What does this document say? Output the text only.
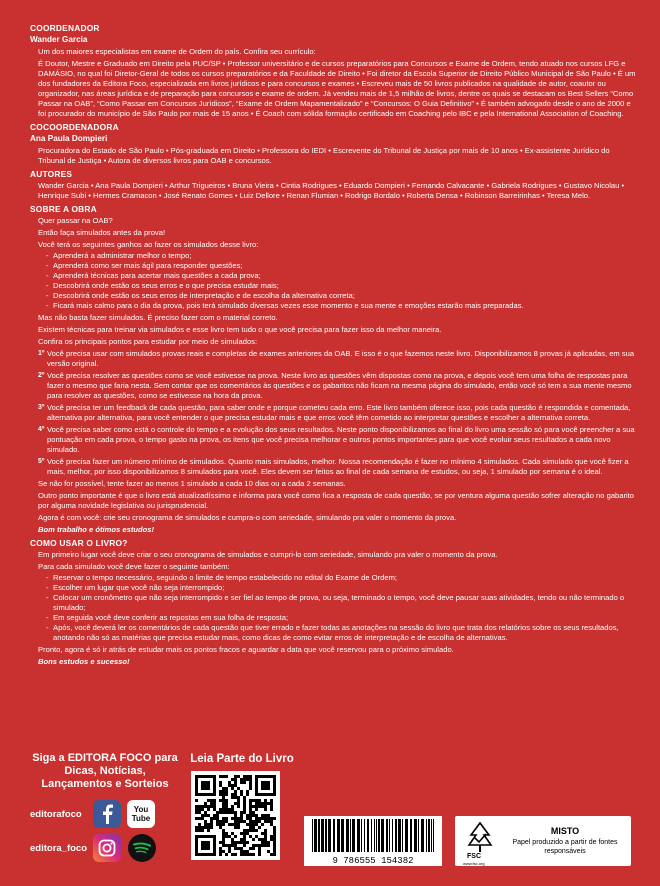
COORDENADOR
Wander Garcia
Um dos maiores especialistas em exame de Ordem do país. Confira seu currículo:
É Doutor, Mestre e Graduado em Direito pela PUC/SP • Professor universitário e de cursos preparatórios para Concursos e Exame de Ordem, tendo atuado nos cursos LFG e DAMÁSIO, no qual foi Diretor-Geral de todos os cursos preparatórios e da Faculdade de Direito • Foi diretor da Escola Superior de Direito Público Municipal de São Paulo • É um dos fundadores da Editora Foco, especializada em livros jurídicos e para concursos e exames • Escreveu mais de 50 livros publicados na qualidade de autor, coautor ou organizador, nas áreas jurídica e de preparação para concursos e exame de ordem. Já vendeu mais de 1,5 milhão de livros, dentre os quais se destacam os Best Sellers “Como Passar na OAB”, “Como Passar em Concursos Jurídicos”, “Exame de Ordem Mapamentalizado” e “Concursos: O Guia Definitivo” • É também advogado desde o ano de 2000 e foi procurador do município de São Paulo por mais de 15 anos • É Coach com sólida formação certificado em Coaching pelo IBC e pela International Association of Coaching.
COCOORDENADORA
Ana Paula Dompieri
Procuradora do Estado de São Paulo • Pós-graduada em Direito • Professora do IEDI • Escrevente do Tribunal de Justiça por mais de 10 anos • Ex-assistente Jurídico do Tribunal de Justiça • Autora de diversos livros para OAB e concursos.
AUTORES
Wander Garcia • Ana Paula Dompieri • Arthur Trigueiros • Bruna Vieira • Cintia Rodrigues • Eduardo Dompieri • Fernando Calvacante • Gabriela Rodrigues • Gustavo Nicolau • Henrique Subi • Hermes Cramacon • José Renato Gomes • Luiz Dellore • Renan Flumian • Rodrigo Bordalo • Roberta Densa • Robinson Barreirinhas • Teresa Melo.
SOBRE A OBRA
Quer passar na OAB?
Então faça simulados antes da prova!
Você terá os seguintes ganhos ao fazer os simulados desse livro:
- Aprenderá a administrar melhor o tempo;
- Aprenderá como ser mais ágil para responder questões;
- Aprenderá técnicas para acertar mais questões a cada prova;
- Descobrirá onde estão os seus erros e o que precisa estudar mais;
- Descobrirá onde estão os seus erros de interpretação e de escolha da alternativa correta;
- Ficará mais calmo para o dia da prova, pois terá simulado diversas vezes esse momento e sua mente e emoções estarão mais preparadas.
Mas não basta fazer simulados. É preciso fazer com o material correto.
Existem técnicas para treinar via simulados e esse livro tem tudo o que você precisa para fazer isso da melhor maneira.
Confira os principais pontos para estudar por meio de simulados:
1º Você precisa usar com simulados provas reais e completas de exames anteriores da OAB. E isso é o que fazemos neste livro. Disponibilizamos 8 provas já aplicadas, em sua versão original.
2º Você precisa resolver as questões como se você estivesse na prova. Neste livro as questões vêm dispostas como na prova, e depois você tem uma folha de respostas para fazer o mesmo que faria nesta. Sem contar que os comentários às questões e os gabaritos não ficam na mesma página do simulado, então você só tem a sua mente mesmo para resolver as questões, como se estivesse na hora da prova.
3º Você precisa ter um feedback de cada questão, para saber onde e porque cometeu cada erro. Este livro também oferece isso, pois cada questão é respondida e comentada, alternativa por alternativa, para você entender o que precisa estudar mais e que erros você têm cometido ao interpretar questões e escolher a alternativa correta.
4º Você precisa saber como está o controle do tempo e a evolução dos seus resultados. Neste ponto disponibilizamos ao final do livro uma sessão só para você preencher a sua pontuação em cada prova, o tempo gasto na prova, os itens que você precisa melhorar e outros pontos importantes para que você evoluir seus resultados a cada novo simulado.
5º Você precisa fazer um número mínimo de simulados. Quanto mais simulados, melhor. Nossa recomendação é fazer no mínimo 4 simulados. Cada simulado que você fizer a mais, melhor, por isso disponibilizamos 8 simulados para você. Eles devem ser feitos ao final de cada semana de estudos, ou seja, 1 simulado por semana é o ideal.
Se não for possível, tente fazer ao menos 1 simulado a cada 10 dias ou a cada 2 semanas.
Outro ponto importante é que o livro está atualizadíssimo e informa para você como fica a resposta de cada questão, se por ventura alguma questão sofrer alteração no gabarito por alguma novidade legislativa ou jurisprudencial.
Agora é com você: crie seu cronograma de simulados e cumpra-o com seriedade, simulando pra valer o momento da prova.
Bom trabalho e ótimos estudos!
COMO USAR O LIVRO?
Em primeiro lugar você deve criar o seu cronograma de simulados e cumpri-lo com seriedade, simulando pra valer o momento da prova.
Para cada simulado você deve fazer o seguinte também:
- Reservar o tempo necessário, seguindo o limite de tempo estabelecido no edital do Exame de Ordem;
- Escolher um lugar que você não seja interrompido;
- Colocar um cronômetro que não seja interrompido e ser fiel ao tempo de prova, ou seja, terminado o tempo, você deve pausar suas atividades, tendo ou não terminado o simulado;
- Em seguida você deve conferir as repostas em sua folha de resposta;
- Após, você deverá ler os comentários de cada questão que tiver errado e fazer todas as anotações na sessão do livro que trata dos relatórios sobre os seus resultados, anotando não só as matérias que precisa estudar mais, como dicas de como evitar erros de interpretação e de escolha de alternativas.
Pronto, agora é só ir atrás de estudar mais os pontos fracos e aguardar a data que você reservou para o próximo simulado.
Bons estudos e sucesso!
Siga a EDITORA FOCO para Dicas, Notícias, Lançamentos e Sorteios
editorafoco	You Tube
editora_foco
Leia Parte do Livro
9 786555 154382	FSC
www.fsc.org
MISTO
Papel produzido a partir de fontes responsáveis
